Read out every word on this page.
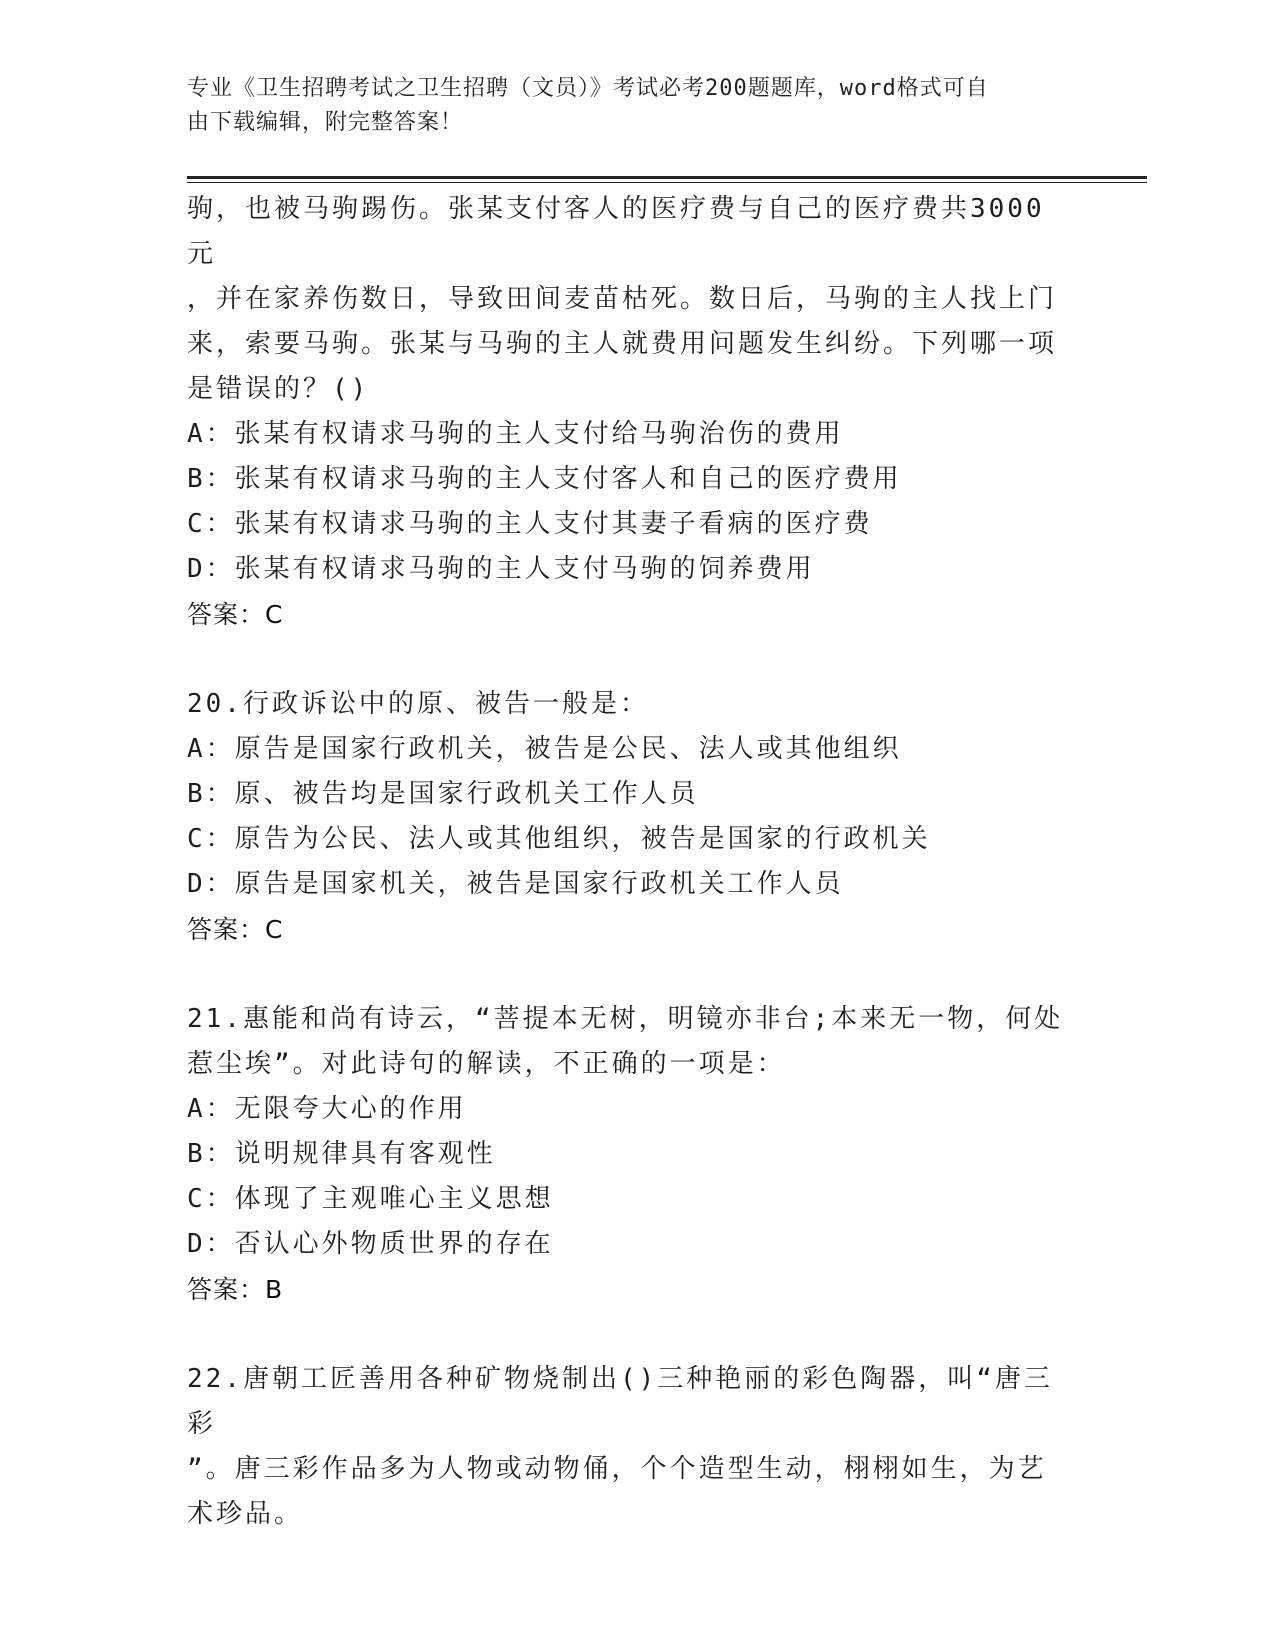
专业《卫生招聘考试之卫生招聘（文员）》考试必考200题题库，word格式可自
由下载编辑，附完整答案！

驹，也被马驹踢伤。张某支付客人的医疗费与自己的医疗费共3000元

，并在家养伤数日，导致田间麦苗枯死。数日后，马驹的主人找上门

来，索要马驹。张某与马驹的主人就费用问题发生纠纷。下列哪一项

是错误的？()

A：张某有权请求马驹的主人支付给马驹治伤的费用

B：张某有权请求马驹的主人支付客人和自己的医疗费用

C：张某有权请求马驹的主人支付其妻子看病的医疗费

D：张某有权请求马驹的主人支付马驹的饲养费用

答案：C

20.行政诉讼中的原、被告一般是：

A：原告是国家行政机关，被告是公民、法人或其他组织

B：原、被告均是国家行政机关工作人员

C：原告为公民、法人或其他组织，被告是国家的行政机关

D：原告是国家机关，被告是国家行政机关工作人员

答案：C

21.惠能和尚有诗云，“菩提本无树，明镜亦非台;本来无一物，何处

惹尘埃”。对此诗句的解读，不正确的一项是：

A：无限夸大心的作用

B：说明规律具有客观性

C：体现了主观唯心主义思想

D：否认心外物质世界的存在

答案：B

22.唐朝工匠善用各种矿物烧制出()三种艳丽的彩色陶器，叫“唐三彩

”。唐三彩作品多为人物或动物俑，个个造型生动，栩栩如生，为艺

术珍品。
